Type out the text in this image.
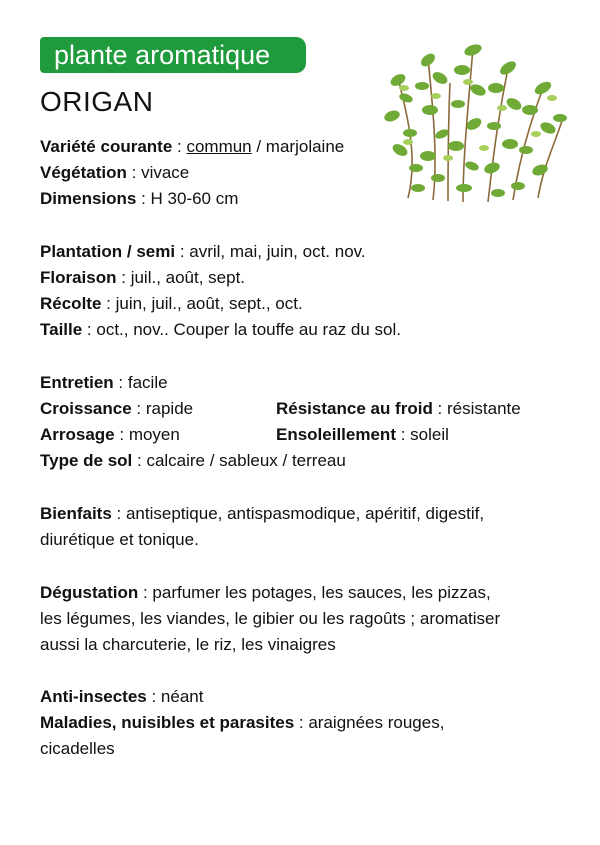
plante aromatique
ORIGAN
Variété courante : commun / marjolaine
Végétation : vivace
Dimensions : H 30-60 cm
Plantation / semi : avril, mai, juin, oct. nov.
Floraison : juil., août, sept.
Récolte : juin, juil., août, sept., oct.
Taille : oct., nov.. Couper la touffe au raz du sol.
Entretien : facile
Croissance : rapide	Résistance au froid : résistante
Arrosage : moyen	Ensoleillement : soleil
Type de sol : calcaire / sableux / terreau
Bienfaits : antiseptique, antispasmodique, apéritif, digestif,
diurétique et tonique.
Dégustation : parfumer les potages, les sauces, les pizzas,
les légumes, les viandes, le gibier ou les ragoûts ; aromatiser
aussi la charcuterie, le riz, les vinaigres
Anti-insectes : néant
Maladies, nuisibles et parasites : araignées rouges,
cicadelles
